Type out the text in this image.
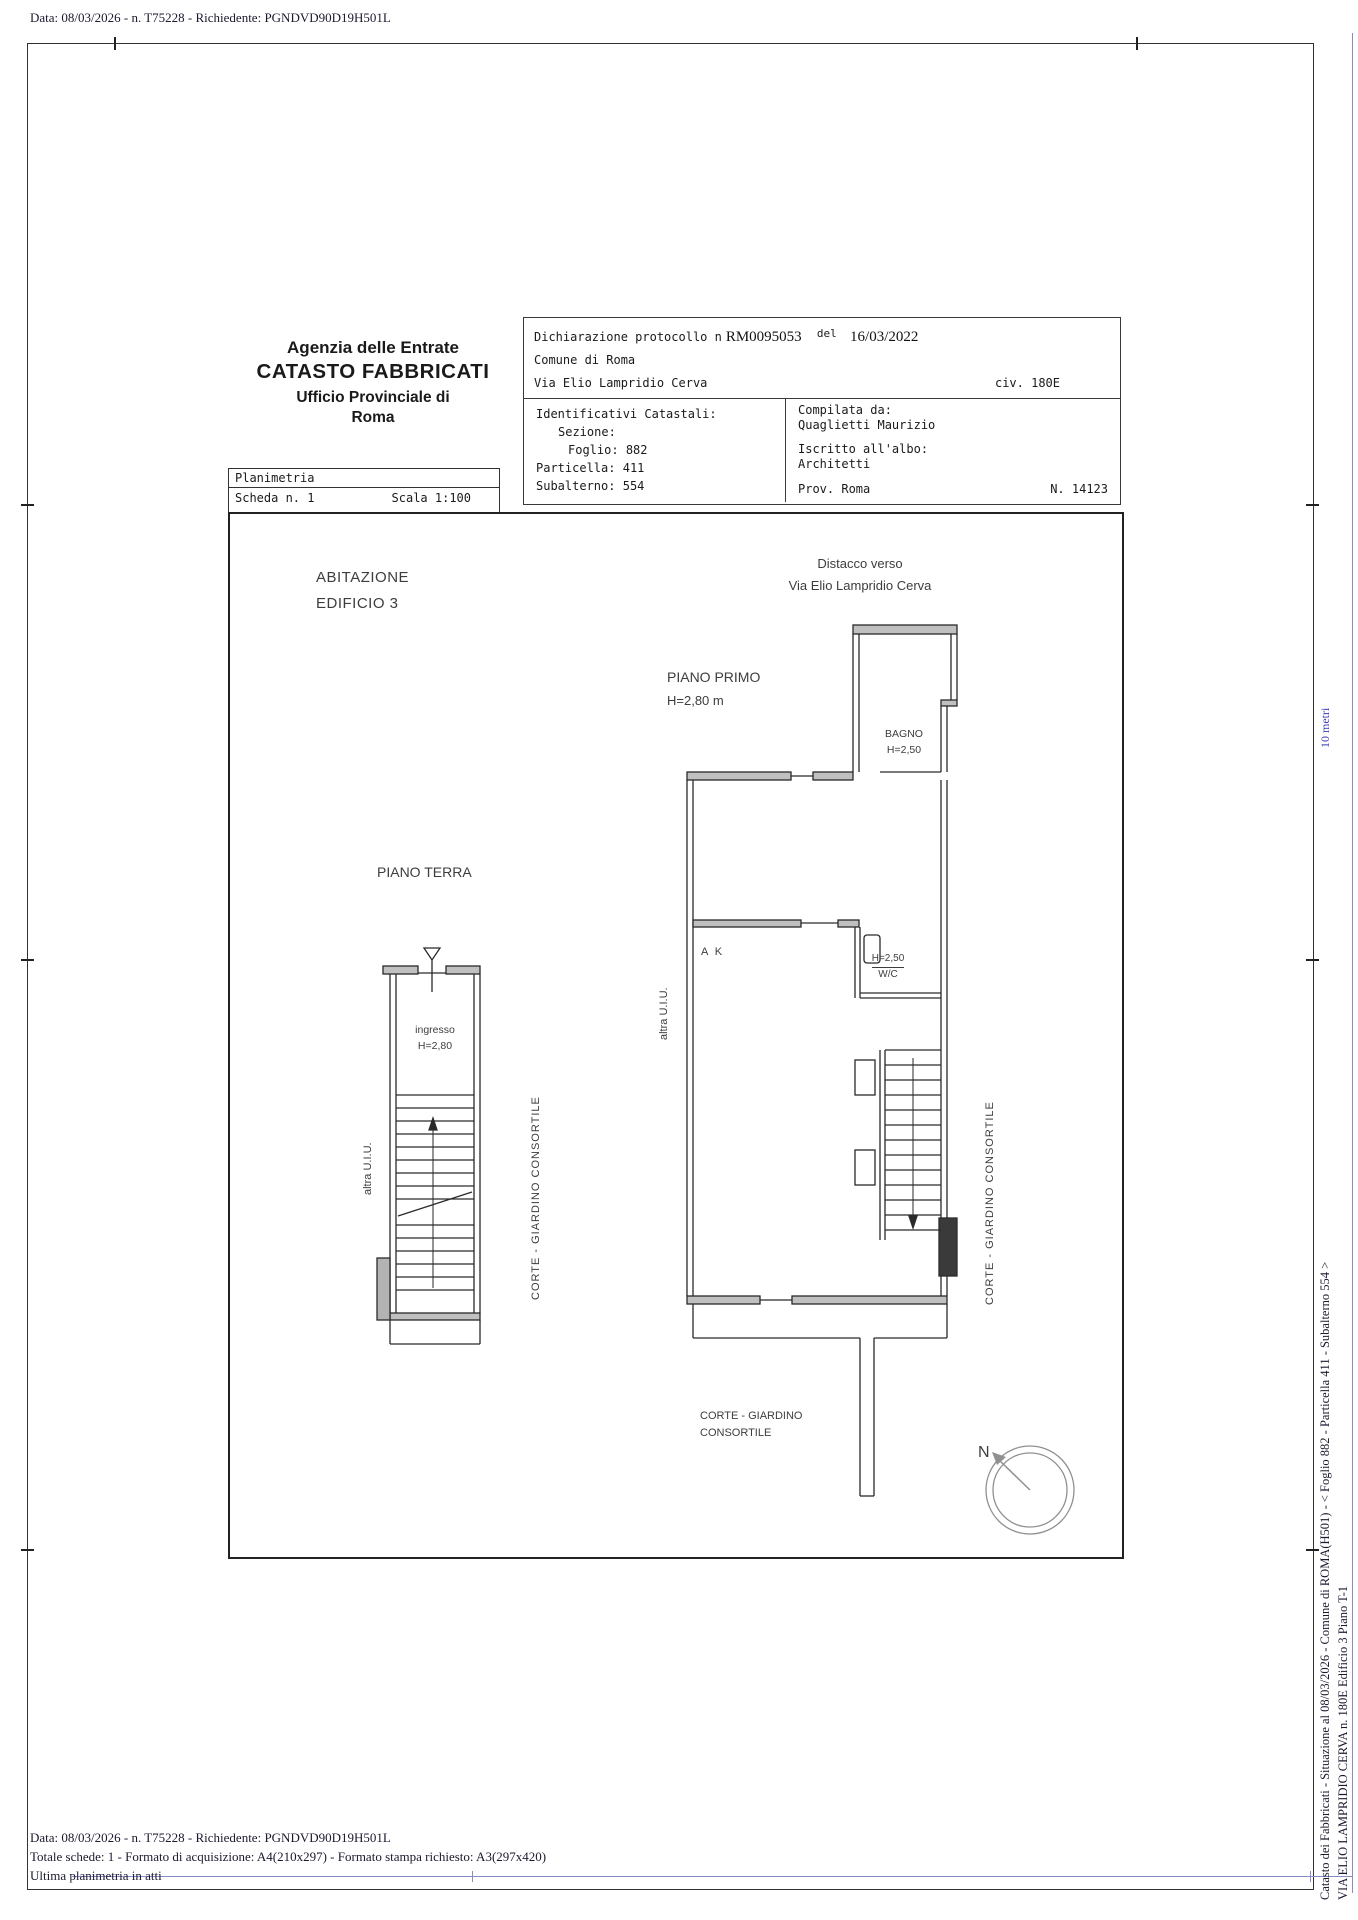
Data: 08/03/2026 - n. T75228 - Richiedente: PGNDVD90D19H501L
Agenzia delle Entrate
CATASTO FABBRICATI
Ufficio Provinciale di
Roma
Dichiarazione protocollo n RM0095053 del 16/03/2022
Comune di Roma
Via Elio Lampridio Cerva	civ. 180E
Identificativi Catastali:
Sezione:
Foglio: 882
Particella: 411
Subalterno: 554
Compilata da:
Quaglietti Maurizio
Iscritto all'albo:
Architetti
Prov. Roma	N. 14123
Planimetria
Scheda n. 1	Scala 1:100
ABITAZIONE
EDIFICIO 3
Distacco verso
Via Elio Lampridio Cerva
PIANO PRIMO
H=2,80 m
BAGNO
H=2,50
PIANO TERRA
ingresso
H=2,80
A K
H=2,50
W/C
altra U.I.U.
altra U.I.U.
CORTE - GIARDINO CONSORTILE	CORTE - GIARDINO CONSORTILE
CORTE - GIARDINO
CONSORTILE
N
10 metri
Catasto dei Fabbricati - Situazione al 08/03/2026 - Comune di ROMA(H501) - < Foglio 882 - Particella 411 - Subalterno 554 > VIA ELIO LAMPRIDIO CERVA n. 180E Edificio 3 Piano T-1
Data: 08/03/2026 - n. T75228 - Richiedente: PGNDVD90D19H501L
Totale schede: 1 - Formato di acquisizione: A4(210x297) - Formato stampa richiesto: A3(297x420)
Ultima planimetria in atti
